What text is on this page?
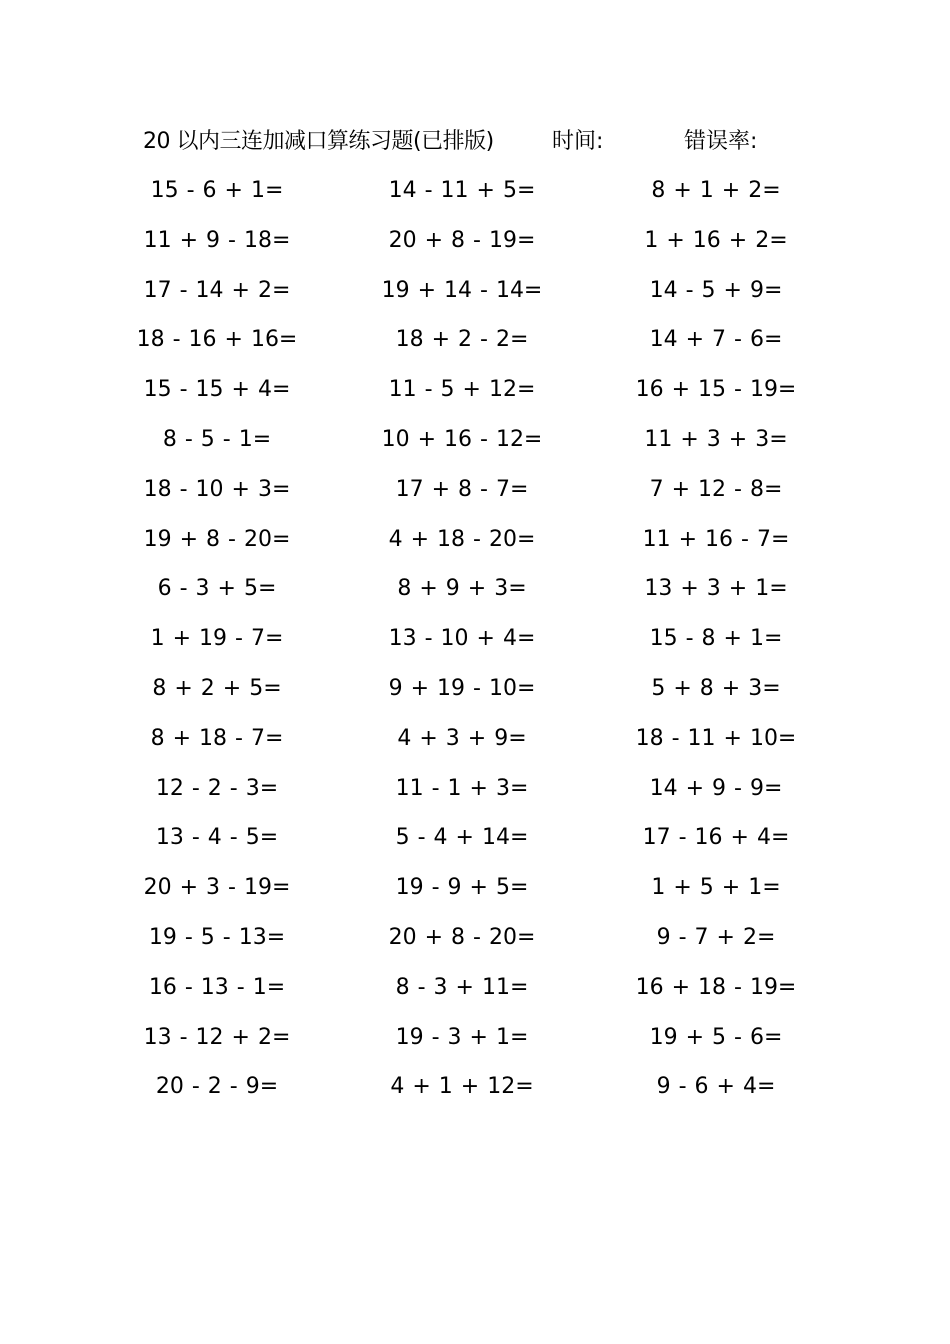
20 以内三连加减口算练习题(已排版)	时间:	错误率:
15 - 6 + 1=	14 - 11 + 5=	8 + 1 + 2=
11 + 9 - 18=	20 + 8 - 19=	1 + 16 + 2=
17 - 14 + 2=	19 + 14 - 14=	14 - 5 + 9=
18 - 16 + 16=	18 + 2 - 2=	14 + 7 - 6=
15 - 15 + 4=	11 - 5 + 12=	16 + 15 - 19=
8 - 5 - 1=	10 + 16 - 12=	11 + 3 + 3=
18 - 10 + 3=	17 + 8 - 7=	7 + 12 - 8=
19 + 8 - 20=	4 + 18 - 20=	11 + 16 - 7=
6 - 3 + 5=	8 + 9 + 3=	13 + 3 + 1=
1 + 19 - 7=	13 - 10 + 4=	15 - 8 + 1=
8 + 2 + 5=	9 + 19 - 10=	5 + 8 + 3=
8 + 18 - 7=	4 + 3 + 9=	18 - 11 + 10=
12 - 2 - 3=	11 - 1 + 3=	14 + 9 - 9=
13 - 4 - 5=	5 - 4 + 14=	17 - 16 + 4=
20 + 3 - 19=	19 - 9 + 5=	1 + 5 + 1=
19 - 5 - 13=	20 + 8 - 20=	9 - 7 + 2=
16 - 13 - 1=	8 - 3 + 11=	16 + 18 - 19=
13 - 12 + 2=	19 - 3 + 1=	19 + 5 - 6=
20 - 2 - 9=	4 + 1 + 12=	9 - 6 + 4=
